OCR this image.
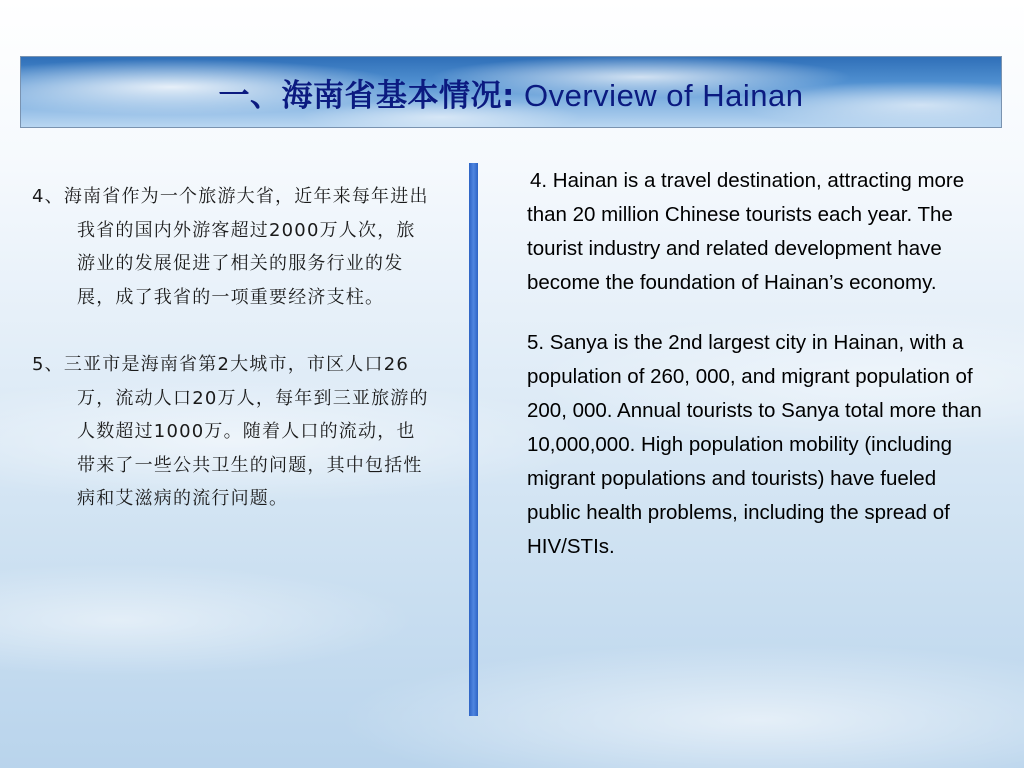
一、海南省基本情况: Overview of Hainan

4、海南省作为一个旅游大省，近年来每年进出我省的国内外游客超过2000万人次，旅游业的发展促进了相关的服务行业的发展，成了我省的一项重要经济支柱。

5、三亚市是海南省第2大城市，市区人口26万，流动人口20万人，每年到三亚旅游的人数超过1000万。随着人口的流动，也带来了一些公共卫生的问题，其中包括性病和艾滋病的流行问题。

4. Hainan is a travel destination, attracting more than 20 million Chinese tourists each year. The tourist industry and related development have become the foundation of Hainan’s economy.

5. Sanya is the 2nd largest city in Hainan, with a population of 260, 000, and migrant population of 200, 000. Annual tourists to Sanya total more than 10,000,000. High population mobility (including migrant populations and tourists) have fueled public health problems, including the spread of HIV/STIs.
